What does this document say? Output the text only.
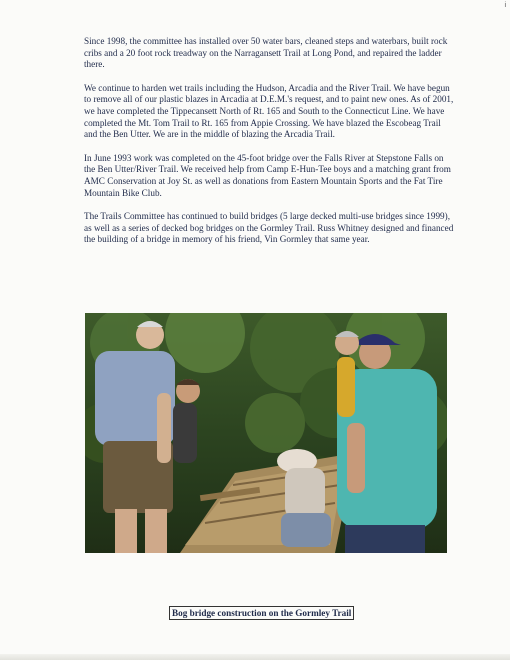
i

Since 1998, the committee has installed over 50 water bars, cleaned steps and waterbars, built rock cribs and a 20 foot rock treadway on the Narragansett Trail at Long Pond, and repaired the ladder there.

We continue to harden wet trails including the Hudson, Arcadia and the River Trail. We have begun to remove all of our plastic blazes in Arcadia at D.E.M.'s request, and to paint new ones. As of 2001, we have completed the Tippecansett North of Rt. 165 and South to the Connecticut Line. We have completed the Mt. Tom Trail to Rt. 165 from Appie Crossing. We have blazed the Escobeag Trail and the Ben Utter. We are in the middle of blazing the Arcadia Trail.

In June 1993 work was completed on the 45-foot bridge over the Falls River at Stepstone Falls on the Ben Utter/River Trail. We received help from Camp E-Hun-Tee boys and a matching grant from AMC Conservation at Joy St. as well as donations from Eastern Mountain Sports and the Fat Tire Mountain Bike Club.

The Trails Committee has continued to build bridges (5 large decked multi-use bridges since 1999), as well as a series of decked bog bridges on the Gormley Trail. Russ Whitney designed and financed the building of a bridge in memory of his friend, Vin Gormley that same year.

Bog bridge construction on the Gormley Trail
